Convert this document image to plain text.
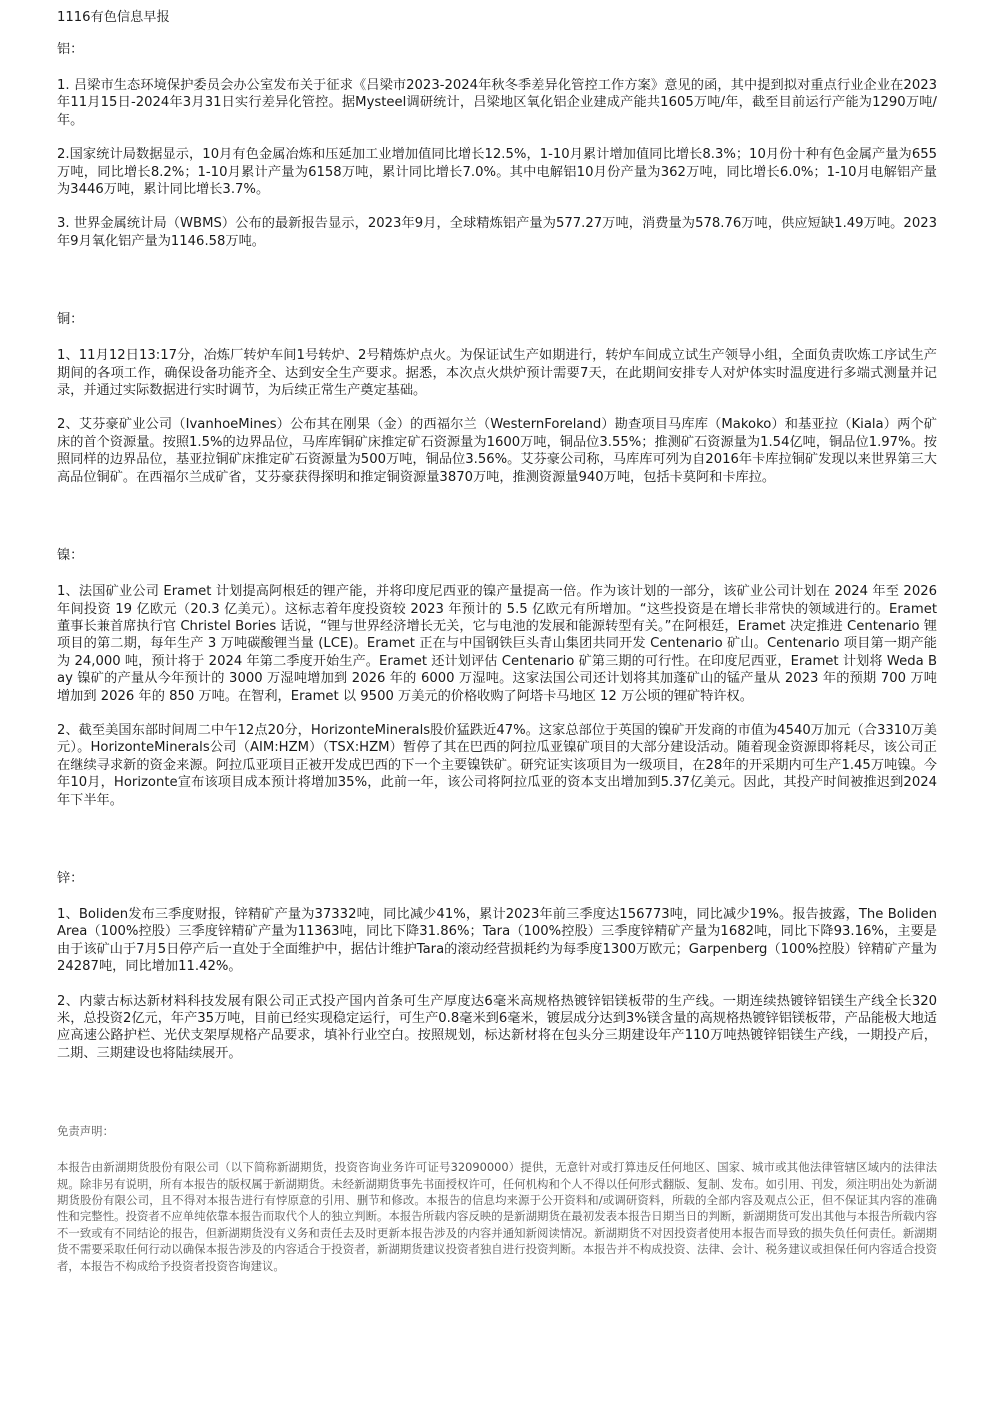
1116有色信息早报
铝：

1. 吕梁市生态环境保护委员会办公室发布关于征求《吕梁市2023-2024年秋冬季差异化管控工作方案》意见的函，其中提到拟对重点行业企业在2023年11月15日-2024年3月31日实行差异化管控。据Mysteel调研统计，吕梁地区氧化铝企业建成产能共1605万吨/年，截至目前运行产能为1290万吨/年。

2.国家统计局数据显示，10月有色金属冶炼和压延加工业增加值同比增长12.5%，1-10月累计增加值同比增长8.3%；10月份十种有色金属产量为655万吨，同比增长8.2%；1-10月累计产量为6158万吨，累计同比增长7.0%。其中电解铝10月份产量为362万吨，同比增长6.0%；1-10月电解铝产量为3446万吨，累计同比增长3.7%。

3. 世界金属统计局（WBMS）公布的最新报告显示，2023年9月，全球精炼铝产量为577.27万吨，消费量为578.76万吨，供应短缺1.49万吨。2023年9月氧化铝产量为1146.58万吨。

铜：

1、11月12日13:17分，冶炼厂转炉车间1号转炉、2号精炼炉点火。为保证试生产如期进行，转炉车间成立试生产领导小组，全面负责吹炼工序试生产期间的各项工作，确保设备功能齐全、达到安全生产要求。据悉，本次点火烘炉预计需要7天，在此期间安排专人对炉体实时温度进行多端式测量并记录，并通过实际数据进行实时调节，为后续正常生产奠定基础。

2、艾芬豪矿业公司（IvanhoeMines）公布其在刚果（金）的西福尔兰（WesternForeland）勘查项目马库库（Makoko）和基亚拉（Kiala）两个矿床的首个资源量。按照1.5%的边界品位，马库库铜矿床推定矿石资源量为1600万吨，铜品位3.55%；推测矿石资源量为1.54亿吨，铜品位1.97%。按照同样的边界品位，基亚拉铜矿床推定矿石资源量为500万吨，铜品位3.56%。艾芬豪公司称，马库库可列为自2016年卡库拉铜矿发现以来世界第三大高品位铜矿。在西福尔兰成矿省，艾芬豪获得探明和推定铜资源量3870万吨，推测资源量940万吨，包括卡莫阿和卡库拉。

镍：

1、法国矿业公司 Eramet 计划提高阿根廷的锂产能，并将印度尼西亚的镍产量提高一倍。作为该计划的一部分，该矿业公司计划在 2024 年至 2026 年间投资 19 亿欧元（20.3 亿美元）。这标志着年度投资较 2023 年预计的 5.5 亿欧元有所增加。“这些投资是在增长非常快的领域进行的。Eramet 董事长兼首席执行官 Christel Bories 话说，“锂与世界经济增长无关，它与电池的发展和能源转型有关。”在阿根廷，Eramet 决定推进 Centenario 锂项目的第二期，每年生产 3 万吨碳酸锂当量 (LCE)。Eramet 正在与中国钢铁巨头青山集团共同开发 Centenario 矿山。Centenario 项目第一期产能为 24,000 吨，预计将于 2024 年第二季度开始生产。Eramet 还计划评估 Centenario 矿第三期的可行性。在印度尼西亚，Eramet 计划将 Weda Bay 镍矿的产量从今年预计的 3000 万湿吨增加到 2026 年的 6000 万湿吨。这家法国公司还计划将其加蓬矿山的锰产量从 2023 年的预期 700 万吨增加到 2026 年的 850 万吨。在智利，Eramet 以 9500 万美元的价格收购了阿塔卡马地区 12 万公顷的锂矿特许权。

2、截至美国东部时间周二中午12点20分，HorizonteMinerals股价猛跌近47%。这家总部位于英国的镍矿开发商的市值为4540万加元（合3310万美元）。HorizonteMinerals公司（AIM:HZM）（TSX:HZM）暂停了其在巴西的阿拉瓜亚镍矿项目的大部分建设活动。随着现金资源即将耗尽，该公司正在继续寻求新的资金来源。阿拉瓜亚项目正被开发成巴西的下一个主要镍铁矿。研究证实该项目为一级项目，在28年的开采期内可生产1.45万吨镍。今年10月，Horizonte宣布该项目成本预计将增加35%，此前一年，该公司将阿拉瓜亚的资本支出增加到5.37亿美元。因此，其投产时间被推迟到2024年下半年。

锌：

1、Boliden发布三季度财报，锌精矿产量为37332吨，同比减少41%，累计2023年前三季度达156773吨，同比减少19%。报告披露，The Boliden Area（100%控股）三季度锌精矿产量为11363吨，同比下降31.86%；Tara（100%控股）三季度锌精矿产量为1682吨，同比下降93.16%，主要是由于该矿山于7月5日停产后一直处于全面维护中，据估计维护Tara的滚动经营损耗约为每季度1300万欧元；Garpenberg（100%控股）锌精矿产量为24287吨，同比增加11.42%。

2、内蒙古标达新材料科技发展有限公司正式投产国内首条可生产厚度达6毫米高规格热镀锌铝镁板带的生产线。一期连续热镀锌铝镁生产线全长320米，总投资2亿元，年产35万吨，目前已经实现稳定运行，可生产0.8毫米到6毫米，镀层成分达到3%镁含量的高规格热镀锌铝镁板带，产品能极大地适应高速公路护栏、光伏支架厚规格产品要求，填补行业空白。按照规划，标达新材将在包头分三期建设年产110万吨热镀锌铝镁生产线，一期投产后，二期、三期建设也将陆续展开。

免责声明：

本报告由新湖期货股份有限公司（以下简称新湖期货，投资咨询业务许可证号32090000）提供，无意针对或打算违反任何地区、国家、城市或其他法律管辖区域内的法律法规。除非另有说明，所有本报告的版权属于新湖期货。未经新湖期货事先书面授权许可，任何机构和个人不得以任何形式翻版、复制、发布。如引用、刊发，须注明出处为新湖期货股份有限公司，且不得对本报告进行有悖原意的引用、删节和修改。本报告的信息均来源于公开资料和/或调研资料，所载的全部内容及观点公正，但不保证其内容的准确性和完整性。投资者不应单纯依靠本报告而取代个人的独立判断。本报告所载内容反映的是新湖期货在最初发表本报告日期当日的判断，新湖期货可发出其他与本报告所载内容不一致或有不同结论的报告，但新湖期货没有义务和责任去及时更新本报告涉及的内容并通知新阅读情况。新湖期货不对因投资者使用本报告而导致的损失负任何责任。新湖期货不需要采取任何行动以确保本报告涉及的内容适合于投资者，新湖期货建议投资者独自进行投资判断。本报告并不构成投资、法律、会计、税务建议或担保任何内容适合投资者，本报告不构成给予投资者投资咨询建议。
